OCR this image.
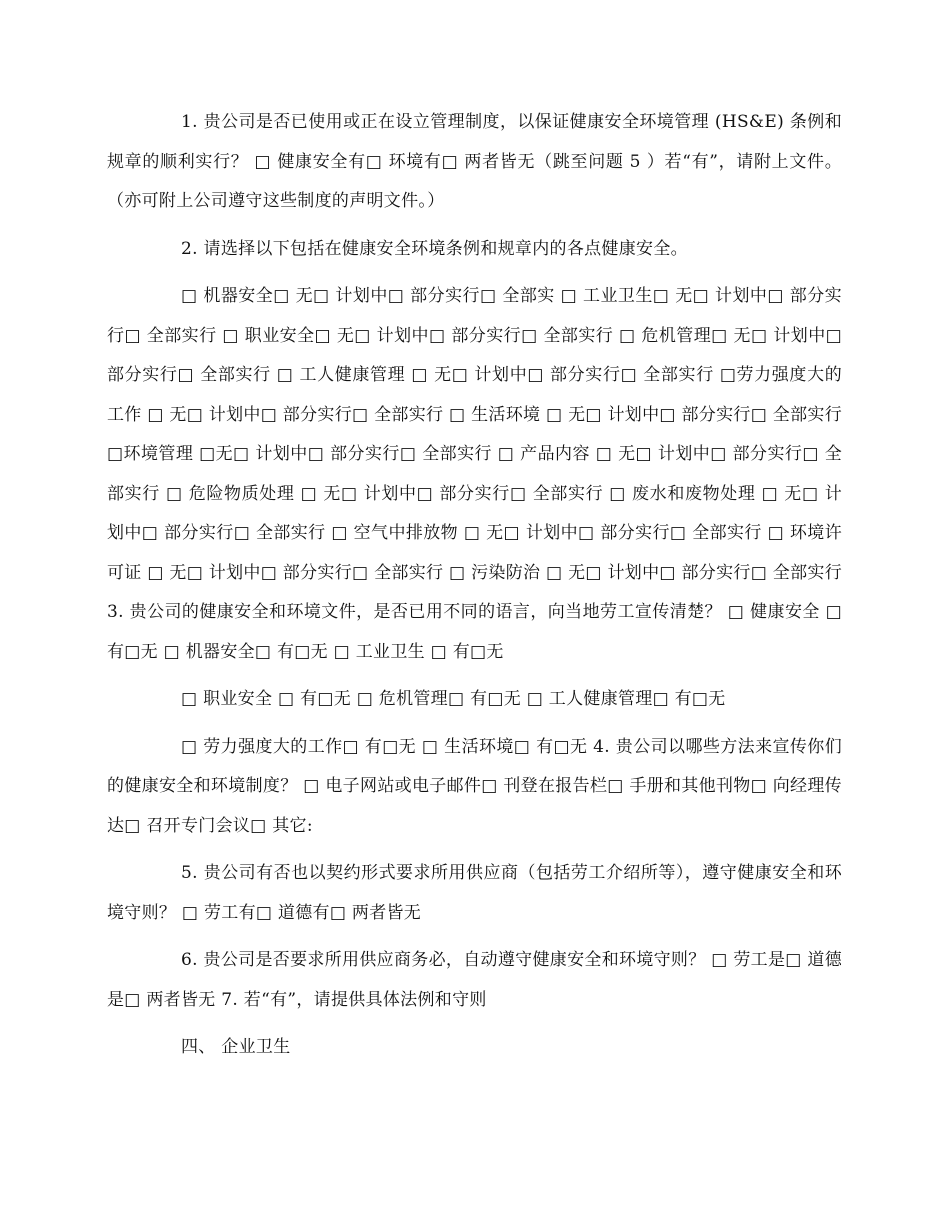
1. 贵公司是否已使用或正在设立管理制度，以保证健康安全环境管理 (HS&E) 条例和规章的顺利实行？ □ 健康安全有□ 环境有□ 两者皆无（跳至问题 5 ）若“有”，请附上文件。（亦可附上公司遵守这些制度的声明文件。）

2. 请选择以下包括在健康安全环境条例和规章内的各点健康安全。

□ 机器安全□ 无□ 计划中□ 部分实行□ 全部实 □ 工业卫生□ 无□ 计划中□ 部分实行□ 全部实行 □ 职业安全□ 无□ 计划中□ 部分实行□ 全部实行 □ 危机管理□ 无□ 计划中□ 部分实行□ 全部实行 □ 工人健康管理 □ 无□ 计划中□ 部分实行□ 全部实行 □劳力强度大的工作 □ 无□ 计划中□ 部分实行□ 全部实行 □ 生活环境 □ 无□ 计划中□ 部分实行□ 全部实行 □环境管理 □无□ 计划中□ 部分实行□ 全部实行 □ 产品内容 □ 无□ 计划中□ 部分实行□ 全部实行 □ 危险物质处理 □ 无□ 计划中□ 部分实行□ 全部实行 □ 废水和废物处理 □ 无□ 计划中□ 部分实行□ 全部实行 □ 空气中排放物 □ 无□ 计划中□ 部分实行□ 全部实行 □ 环境许可证 □ 无□ 计划中□ 部分实行□ 全部实行 □ 污染防治 □ 无□ 计划中□ 部分实行□ 全部实行 3. 贵公司的健康安全和环境文件，是否已用不同的语言，向当地劳工宣传清楚？ □ 健康安全 □ 有□无 □ 机器安全□ 有□无 □ 工业卫生 □ 有□无

□ 职业安全 □ 有□无 □ 危机管理□ 有□无 □ 工人健康管理□ 有□无

□ 劳力强度大的工作□ 有□无 □ 生活环境□ 有□无 4. 贵公司以哪些方法来宣传你们的健康安全和环境制度？ □ 电子网站或电子邮件□ 刊登在报告栏□ 手册和其他刊物□ 向经理传达□ 召开专门会议□ 其它:

5. 贵公司有否也以契约形式要求所用供应商（包括劳工介绍所等），遵守健康安全和环境守则？ □ 劳工有□ 道德有□ 两者皆无

6. 贵公司是否要求所用供应商务必，自动遵守健康安全和环境守则？ □ 劳工是□ 道德是□ 两者皆无 7. 若“有”，请提供具体法例和守则

四、 企业卫生
